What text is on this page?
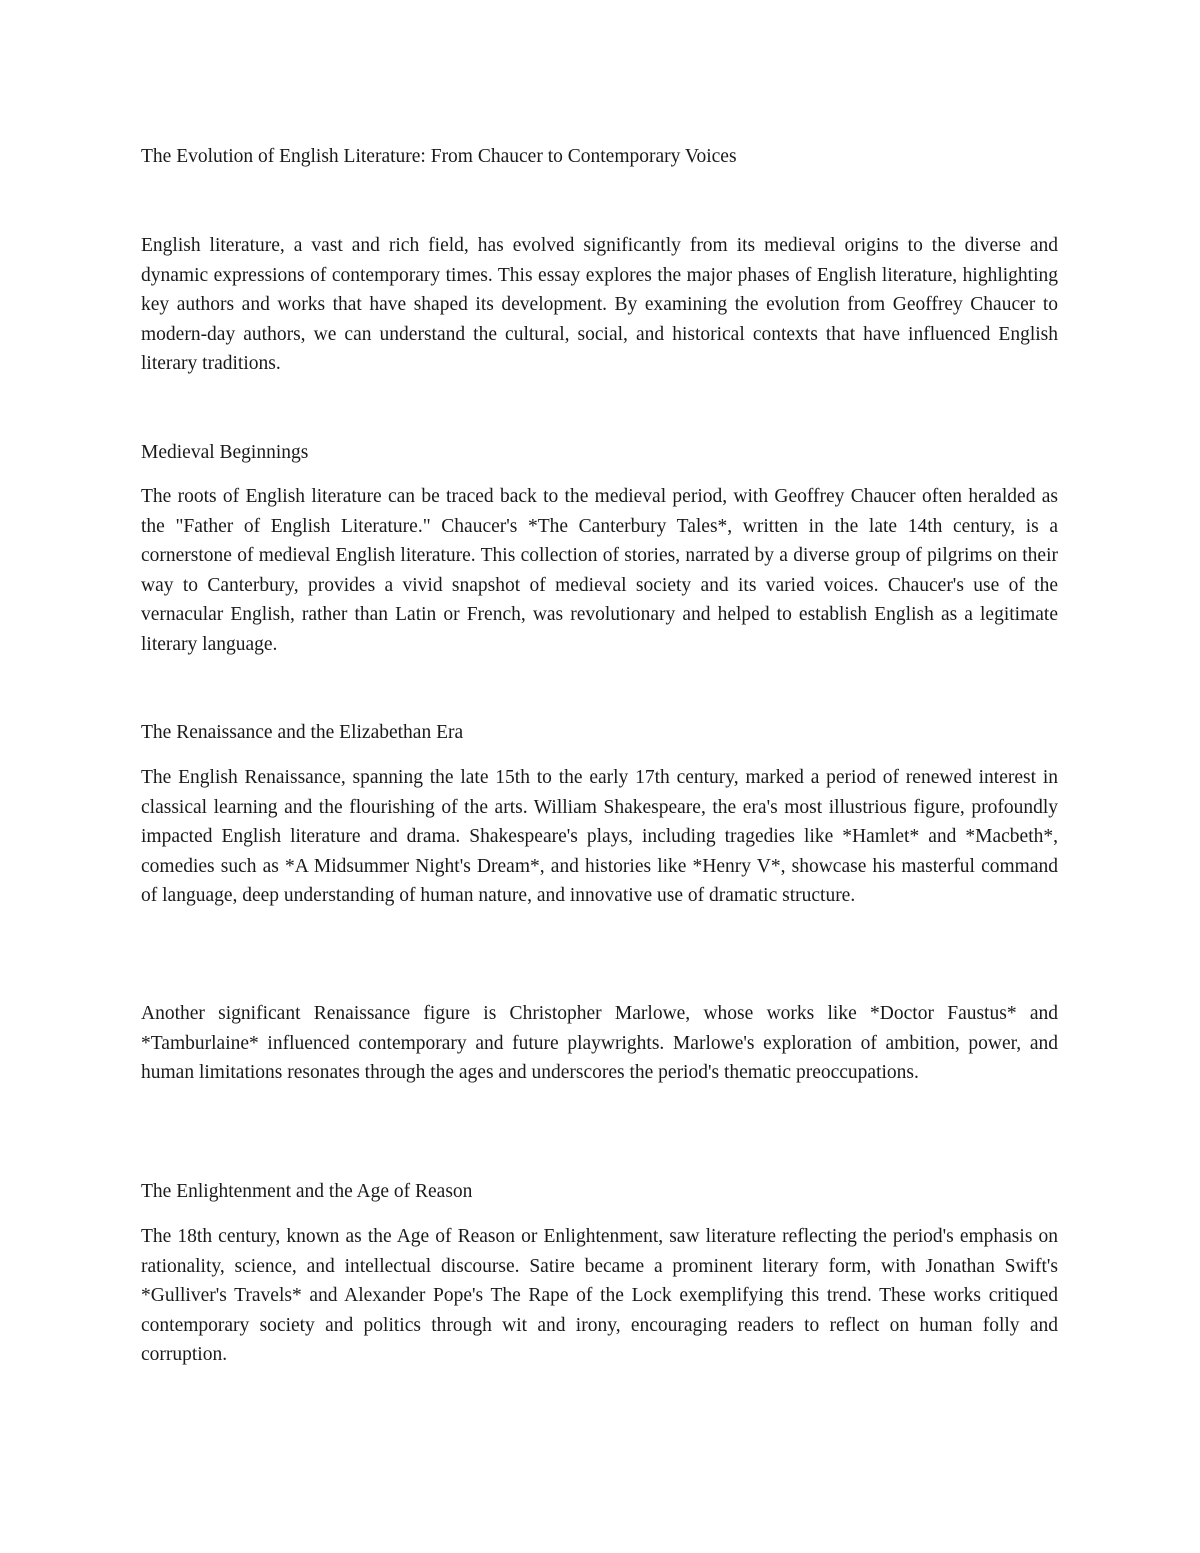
The Evolution of English Literature: From Chaucer to Contemporary Voices

English literature, a vast and rich field, has evolved significantly from its medieval origins to the diverse and dynamic expressions of contemporary times. This essay explores the major phases of English literature, highlighting key authors and works that have shaped its development. By examining the evolution from Geoffrey Chaucer to modern-day authors, we can understand the cultural, social, and historical contexts that have influenced English literary traditions.

Medieval Beginnings

The roots of English literature can be traced back to the medieval period, with Geoffrey Chaucer often heralded as the "Father of English Literature." Chaucer's *The Canterbury Tales*, written in the late 14th century, is a cornerstone of medieval English literature. This collection of stories, narrated by a diverse group of pilgrims on their way to Canterbury, provides a vivid snapshot of medieval society and its varied voices. Chaucer's use of the vernacular English, rather than Latin or French, was revolutionary and helped to establish English as a legitimate literary language.

The Renaissance and the Elizabethan Era

The English Renaissance, spanning the late 15th to the early 17th century, marked a period of renewed interest in classical learning and the flourishing of the arts. William Shakespeare, the era's most illustrious figure, profoundly impacted English literature and drama. Shakespeare's plays, including tragedies like *Hamlet* and *Macbeth*, comedies such as *A Midsummer Night's Dream*, and histories like *Henry V*, showcase his masterful command of language, deep understanding of human nature, and innovative use of dramatic structure.

Another significant Renaissance figure is Christopher Marlowe, whose works like *Doctor Faustus* and *Tamburlaine* influenced contemporary and future playwrights. Marlowe's exploration of ambition, power, and human limitations resonates through the ages and underscores the period's thematic preoccupations.

The Enlightenment and the Age of Reason

The 18th century, known as the Age of Reason or Enlightenment, saw literature reflecting the period's emphasis on rationality, science, and intellectual discourse. Satire became a prominent literary form, with Jonathan Swift's *Gulliver's Travels* and Alexander Pope's The Rape of the Lock exemplifying this trend. These works critiqued contemporary society and politics through wit and irony, encouraging readers to reflect on human folly and corruption.
